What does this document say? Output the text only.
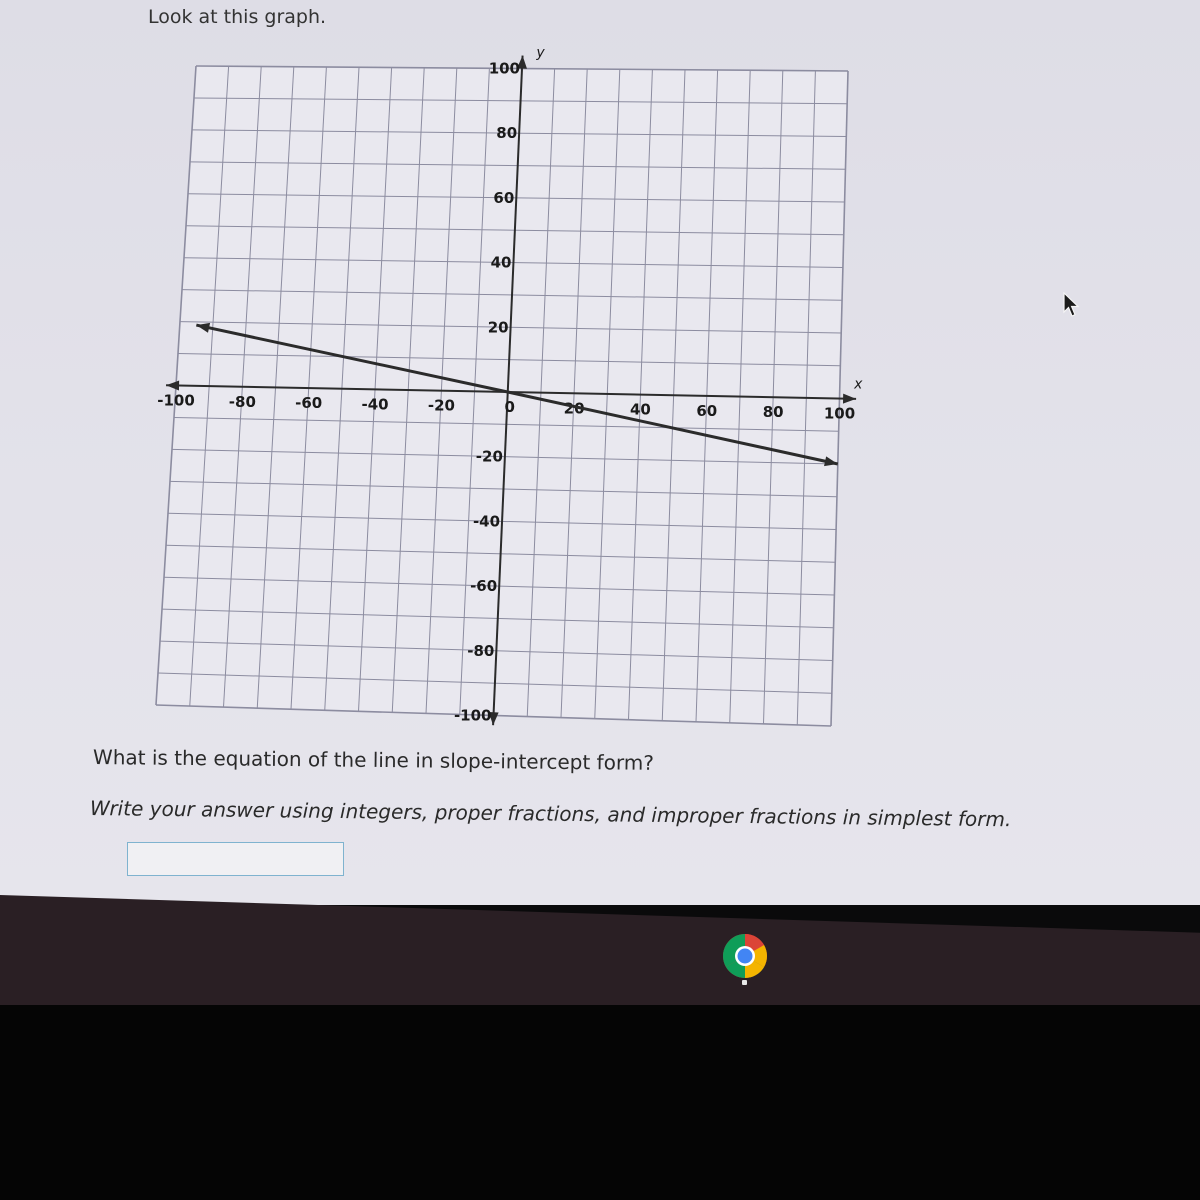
Look at this graph.
-100 -80	-60	-40	-20	0	20	40	60	80	100
100
80
60
40
20
-20
-40
-60
-80
-100
x
y
What is the equation of the line in slope-intercept form?
Write your answer using integers, proper fractions, and improper fractions in simplest form.
